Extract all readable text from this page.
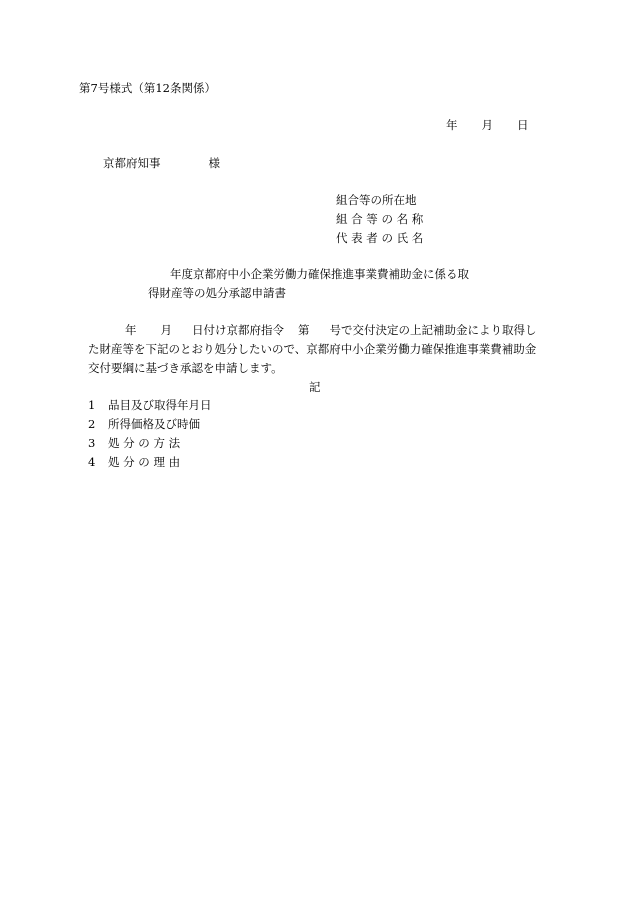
第7号様式（第12条関係）
年 月 日
京都府知事	様
組合等の所在地
組 合 等 の 名 称
代 表 者 の 氏 名
年度京都府中小企業労働力確保推進事業費補助金に係る取
得財産等の処分承認申請書
年 月 日付け京都府指令 第 号で交付決定の上記補助金により取得し
た財産等を下記のとおり処分したいので、京都府中小企業労働力確保推進事業費補助金
交付要綱に基づき承認を申請します。
記
1 品目及び取得年月日
2 所得価格及び時価
3 処 分 の 方 法
4 処 分 の 理 由
